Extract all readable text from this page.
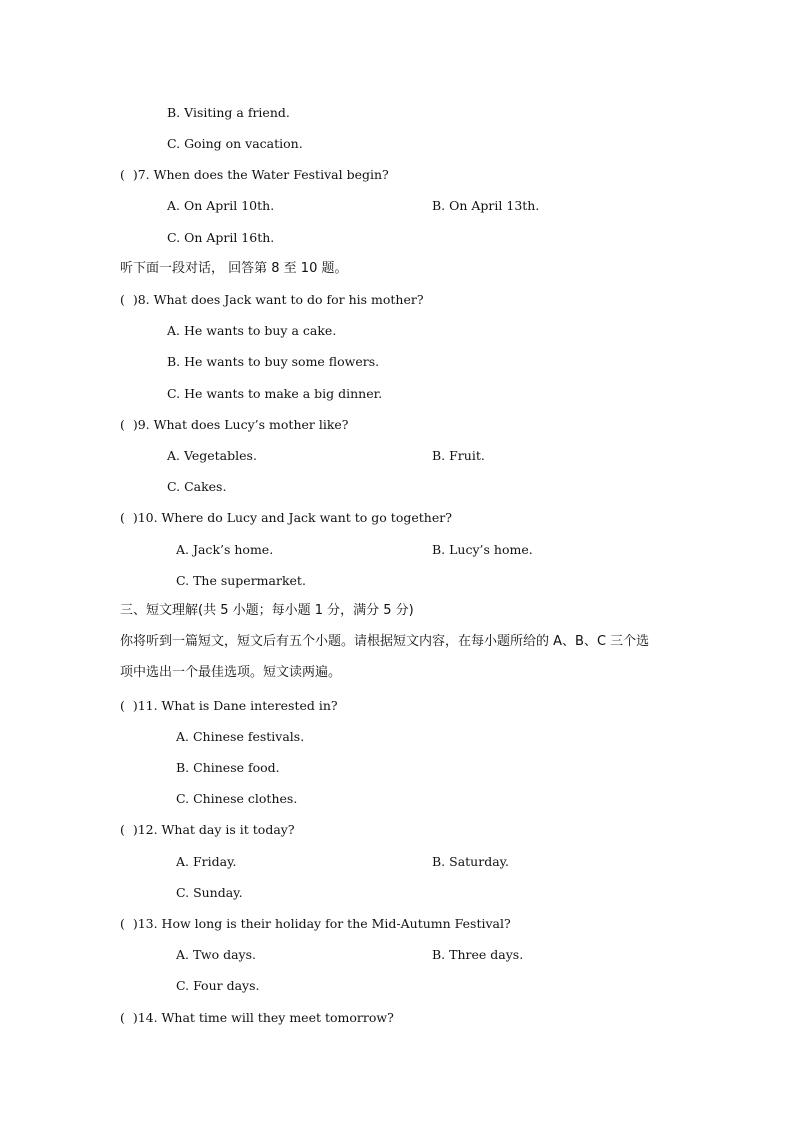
B. Visiting a friend.
C. Going on vacation.
(  )7. When does the Water Festival begin?
A. On April 10th.	B. On April 13th.
C. On April 16th.
听下面一段对话， 回答第 8 至 10 题。
(  )8. What does Jack want to do for his mother?
A. He wants to buy a cake.
B. He wants to buy some flowers.
C. He wants to make a big dinner.
(  )9. What does Lucy’s mother like?
A. Vegetables.	B. Fruit.
C. Cakes.
(  )10. Where do Lucy and Jack want to go together?
A. Jack’s home.	B. Lucy’s home.
C. The supermarket.
三、短文理解(共 5 小题；每小题 1 分，满分 5 分)
你将听到一篇短文，短文后有五个小题。请根据短文内容，在每小题所给的 A、B、C 三个选
项中选出一个最佳选项。短文读两遍。
(  )11. What is Dane interested in?
A. Chinese festivals.
B. Chinese food.
C. Chinese clothes.
(  )12. What day is it today?
A. Friday.	B. Saturday.
C. Sunday.
(  )13. How long is their holiday for the Mid-Autumn Festival?
A. Two days.	B. Three days.
C. Four days.
(  )14. What time will they meet tomorrow?
